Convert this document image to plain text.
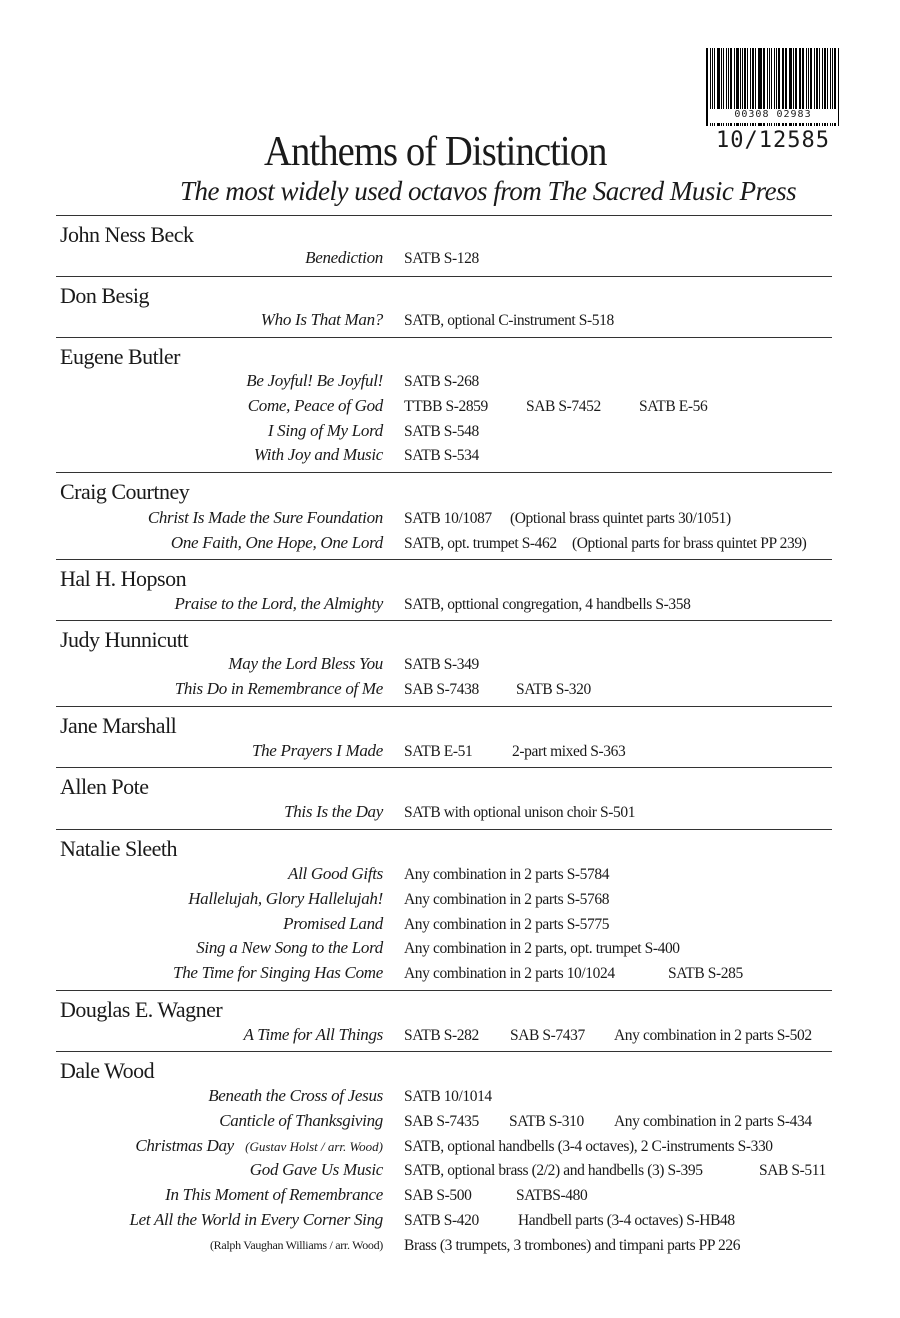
00308 02983
10/12585
Anthems of Distinction
The most widely used octavos from The Sacred Music Press
John Ness Beck
Benediction SATB S-128
Don Besig
Who Is That Man? SATB, optional C-instrument S-518
Eugene Butler
Be Joyful! Be Joyful! SATB S-268
Come, Peace of God TTBB S-2859 SAB S-7452 SATB E-56
I Sing of My Lord SATB S-548
With Joy and Music SATB S-534
Craig Courtney
Christ Is Made the Sure Foundation SATB 10/1087 (Optional brass quintet parts 30/1051)
One Faith, One Hope, One Lord SATB, opt. trumpet S-462 (Optional parts for brass quintet PP 239)
Hal H. Hopson
Praise to the Lord, the Almighty SATB, opttional congregation, 4 handbells S-358
Judy Hunnicutt
May the Lord Bless You SATB S-349
This Do in Remembrance of Me SAB S-7438 SATB S-320
Jane Marshall
The Prayers I Made SATB E-51	2-part mixed S-363
Allen Pote
This Is the Day SATB with optional unison choir S-501
Natalie Sleeth
All Good Gifts Any combination in 2 parts S-5784
Hallelujah, Glory Hallelujah! Any combination in 2 parts S-5768
Promised Land Any combination in 2 parts S-5775
Sing a New Song to the Lord Any combination in 2 parts, opt. trumpet S-400
The Time for Singing Has Come Any combination in 2 parts 10/1024	SATB S-285
Douglas E. Wagner
A Time for All Things SATB S-282 SAB S-7437 Any combination in 2 parts S-502
Dale Wood
Beneath the Cross of Jesus SATB 10/1014
Canticle of Thanksgiving SAB S-7435 SATB S-310 Any combination in 2 parts S-434
Christmas Day (Gustav Holst / arr. Wood) SATB, optional handbells (3-4 octaves), 2 C-instruments S-330
God Gave Us Music SATB, optional brass (2/2) and handbells (3) S-395	SAB S-511
In This Moment of Remembrance SAB S-500	SATBS-480
Let All the World in Every Corner Sing SATB S-420	Handbell parts (3-4 octaves) S-HB48
(Ralph Vaughan Williams / arr. Wood) Brass (3 trumpets, 3 trombones) and timpani parts PP 226
